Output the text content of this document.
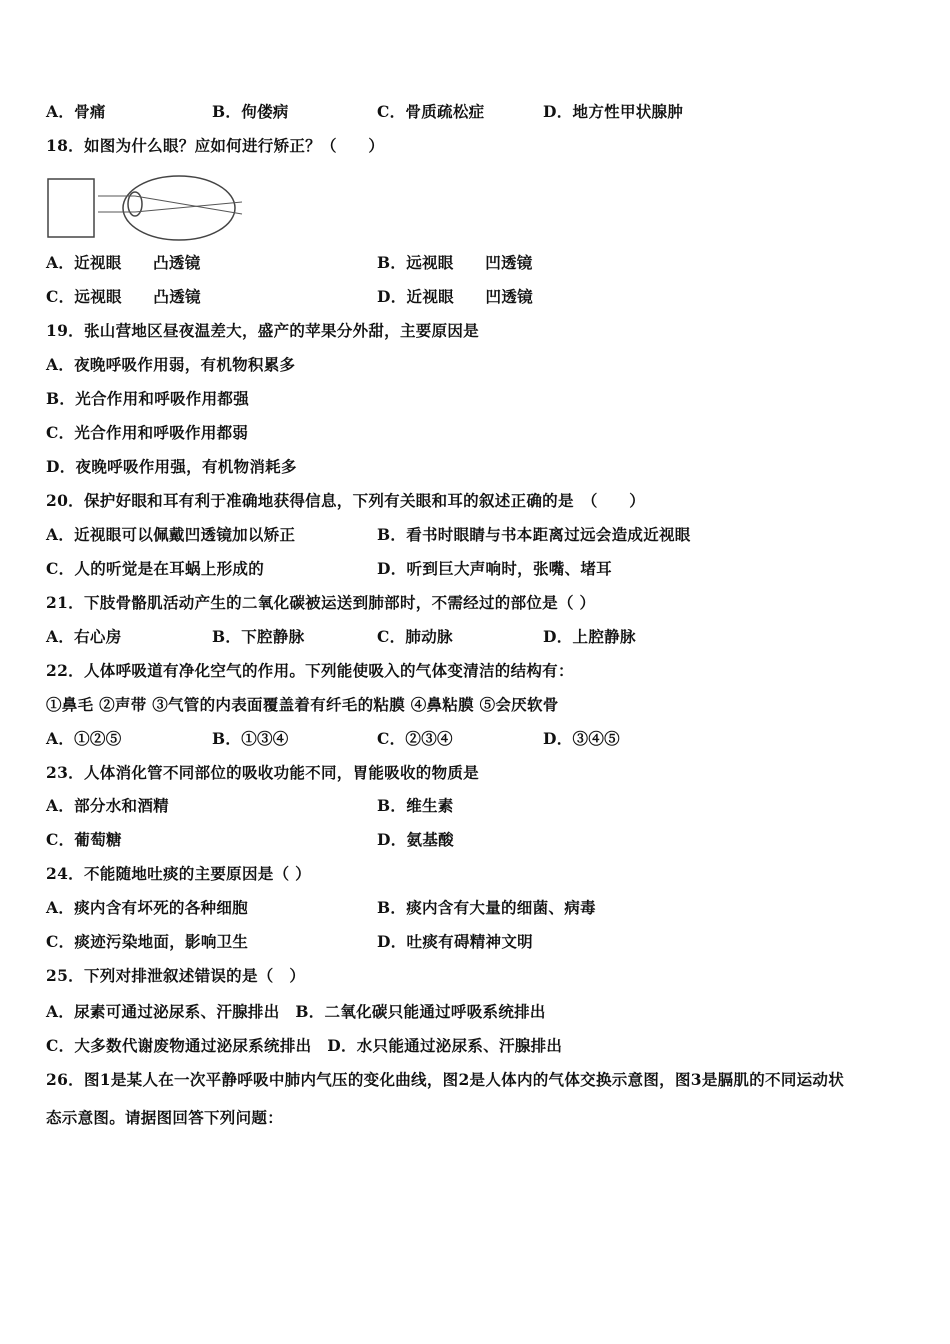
A．骨痛	B．佝偻病	C．骨质疏松症	D．地方性甲状腺肿
18．如图为什么眼？应如何进行矫正？（　　）
A．近视眼　　凸透镜	B．远视眼　　凹透镜
C．远视眼　　凸透镜	D．近视眼　　凹透镜
19．张山营地区昼夜温差大，盛产的苹果分外甜，主要原因是
A．夜晚呼吸作用弱，有机物积累多
B．光合作用和呼吸作用都强
C．光合作用和呼吸作用都弱
D．夜晚呼吸作用强，有机物消耗多
20．保护好眼和耳有利于准确地获得信息，下列有关眼和耳的叙述正确的是　（　　）
A．近视眼可以佩戴凹透镜加以矫正	B．看书时眼睛与书本距离过远会造成近视眼
C．人的听觉是在耳蜗上形成的	D．听到巨大声响时，张嘴、堵耳
21．下肢骨骼肌活动产生的二氧化碳被运送到肺部时，不需经过的部位是（ ）
A．右心房	B．下腔静脉	C．肺动脉	D．上腔静脉
22．人体呼吸道有净化空气的作用。下列能使吸入的气体变清洁的结构有：
①鼻毛 ②声带 ③气管的内表面覆盖着有纤毛的粘膜 ④鼻粘膜 ⑤会厌软骨
A．①②⑤	B．①③④	C．②③④	D．③④⑤
23．人体消化管不同部位的吸收功能不同，胃能吸收的物质是
A．部分水和酒精	B．维生素
C．葡萄糖	D．氨基酸
24．不能随地吐痰的主要原因是（ ）
A．痰内含有坏死的各种细胞	B．痰内含有大量的细菌、病毒
C．痰迹污染地面，影响卫生	D．吐痰有碍精神文明
25．下列对排泄叙述错误的是（　）
A．尿素可通过泌尿系、汗腺排出　B．二氧化碳只能通过呼吸系统排出
C．大多数代谢废物通过泌尿系统排出　D．水只能通过泌尿系、汗腺排出
26．图1是某人在一次平静呼吸中肺内气压的变化曲线，图2是人体内的气体交换示意图，图3是膈肌的不同运动状
态示意图。请据图回答下列问题：
